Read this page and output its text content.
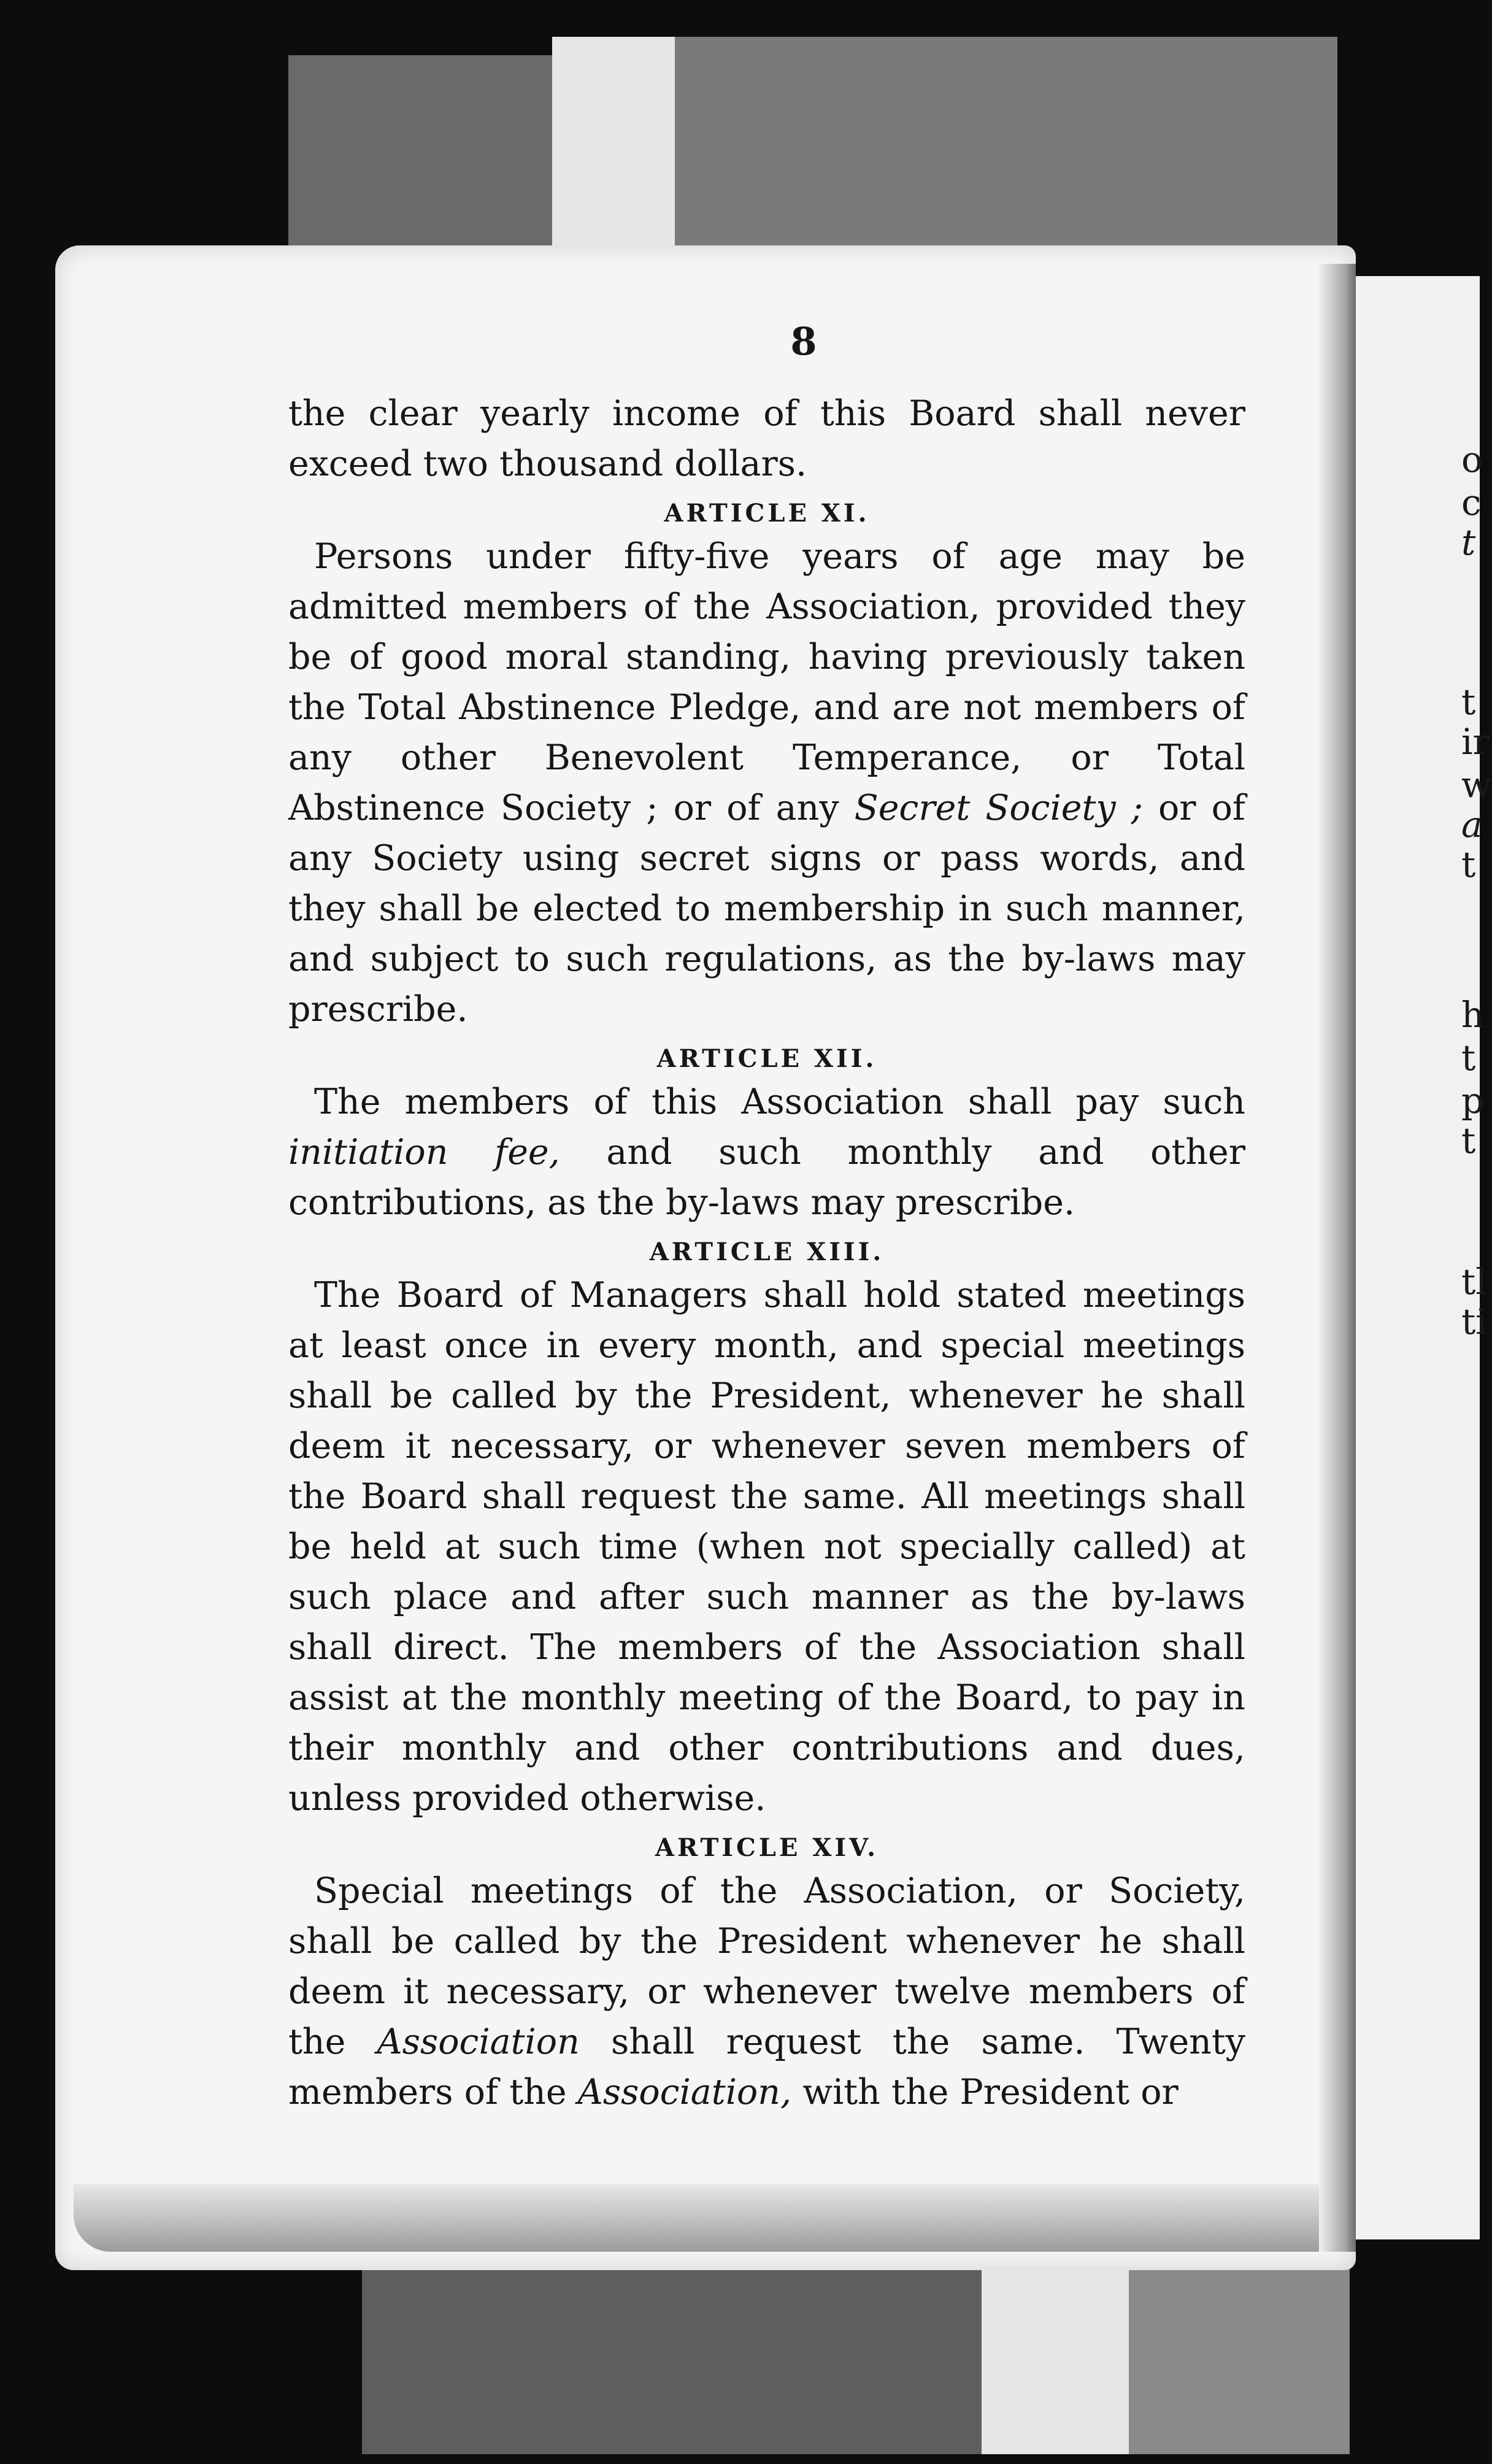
o
c
t
t
ir
w
a
t
h
t
p
t
tl
ti
8

the clear yearly income of this Board shall never exceed two thousand dollars.

ARTICLE XI.

Persons under fifty-five years of age may be admitted members of the Association, provided they be of good moral standing, having previously taken the Total Abstinence Pledge, and are not members of any other Benevolent Temperance, or Total Abstinence Society ; or of any Secret Society ; or of any Society using secret signs or pass words, and they shall be elected to membership in such manner, and subject to such regulations, as the by-laws may prescribe.

ARTICLE XII.

The members of this Association shall pay such initiation fee, and such monthly and other contributions, as the by-laws may prescribe.

ARTICLE XIII.

The Board of Managers shall hold stated meetings at least once in every month, and special meetings shall be called by the President, whenever he shall deem it necessary, or whenever seven members of the Board shall request the same. All meetings shall be held at such time (when not specially called) at such place and after such manner as the by-laws shall direct. The members of the Association shall assist at the monthly meeting of the Board, to pay in their monthly and other contributions and dues, unless provided otherwise.

ARTICLE XIV.

Special meetings of the Association, or Society, shall be called by the President whenever he shall deem it necessary, or whenever twelve members of the Association shall request the same. Twenty members of the Association, with the President or
